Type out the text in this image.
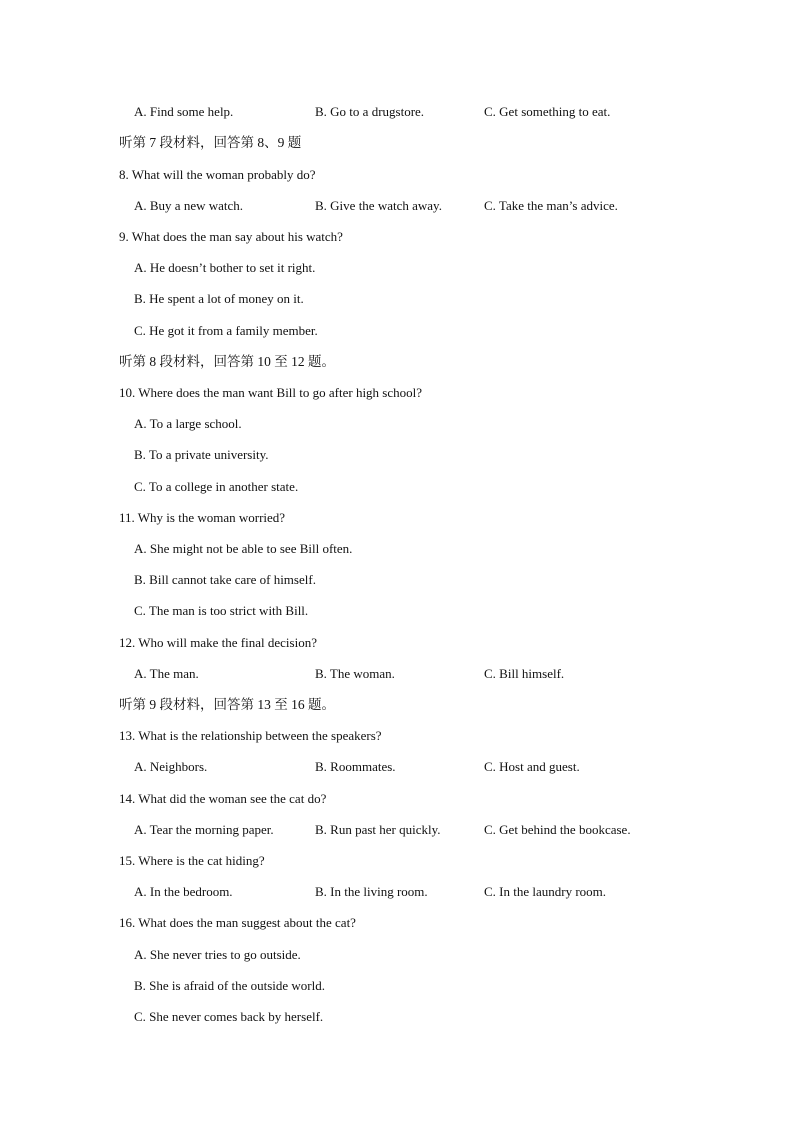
A. Find some help.	B. Go to a drugstore.	C. Get something to eat.
听第 7 段材料，回答第 8、9 题
8. What will the woman probably do?
A. Buy a new watch.	B. Give the watch away.	C. Take the man’s advice.
9. What does the man say about his watch?
A. He doesn’t bother to set it right.
B. He spent a lot of money on it.
C. He got it from a family member.
听第 8 段材料，回答第 10 至 12 题。
10. Where does the man want Bill to go after high school?
A. To a large school.
B. To a private university.
C. To a college in another state.
11. Why is the woman worried?
A. She might not be able to see Bill often.
B. Bill cannot take care of himself.
C. The man is too strict with Bill.
12. Who will make the final decision?
A. The man.	B. The woman.	C. Bill himself.
听第 9 段材料，回答第 13 至 16 题。
13. What is the relationship between the speakers?
A. Neighbors.	B. Roommates.	C. Host and guest.
14. What did the woman see the cat do?
A. Tear the morning paper.	B. Run past her quickly.	C. Get behind the bookcase.
15. Where is the cat hiding?
A. In the bedroom.	B. In the living room.	C. In the laundry room.
16. What does the man suggest about the cat?
A. She never tries to go outside.
B. She is afraid of the outside world.
C. She never comes back by herself.
